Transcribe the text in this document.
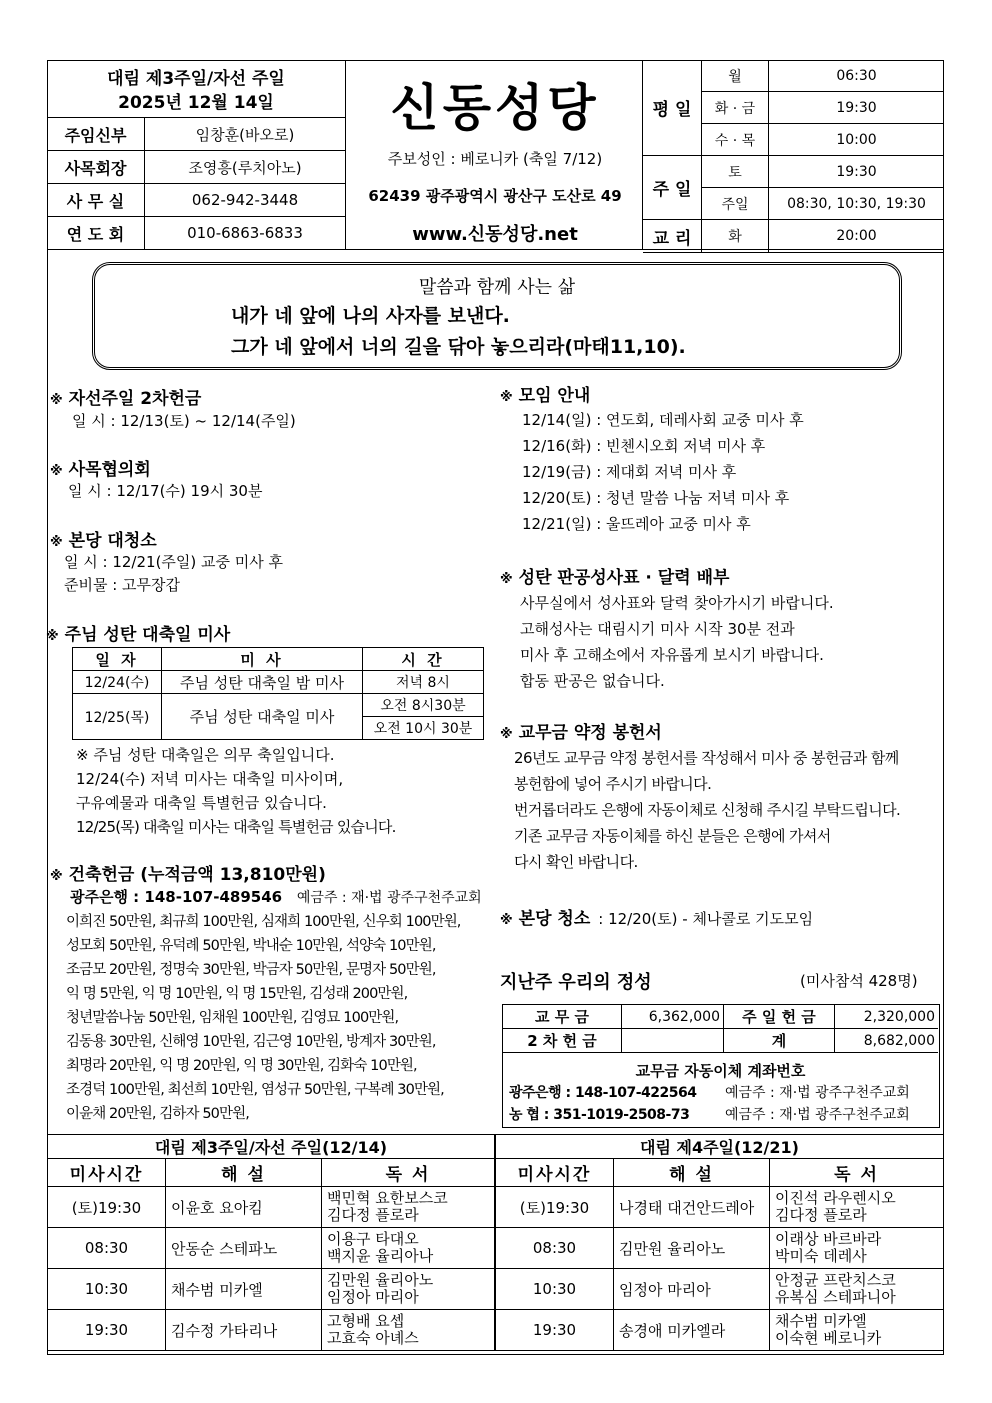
대림 제3주일/자선 주일
2025년 12월 14일
주임신부	임창훈(바오로)
사목회장	조영흥(루치아노)
사 무 실	062-942-3448
연 도 회	010-6863-6833
신동성당
주보성인 : 베로니카 (축일 7/12)
62439 광주광역시 광산구 도산로 49
www.신동성당.net
평 일	월	06:30
	화 · 금	19:30
	수 · 목	10:00
주 일	토	19:30
	주일	08:30, 10:30, 19:30
교 리	화	20:00
말씀과 함께 사는 삶
내가 네 앞에 나의 사자를 보낸다.
그가 네 앞에서 너의 길을 닦아 놓으리라(마태11,10).
※ 자선주일 2차헌금
일 시 : 12/13(토) ~ 12/14(주일)
※ 사목협의회
일 시 : 12/17(수) 19시 30분
※ 본당 대청소
일 시 : 12/21(주일) 교중 미사 후
준비물 : 고무장갑
※ 주님 성탄 대축일 미사
일 자	미 사	시 간
12/24(수)	주님 성탄 대축일 밤 미사	저녁 8시
12/25(목)	주님 성탄 대축일 미사	오전 8시30분
		오전 10시 30분
※ 주님 성탄 대축일은 의무 축일입니다.
12/24(수) 저녁 미사는 대축일 미사이며,
구유예물과 대축일 특별헌금 있습니다.
12/25(목) 대축일 미사는 대축일 특별헌금 있습니다.
※ 건축헌금 (누적금액 13,810만원)
광주은행 : 148-107-489546 예금주 : 재·법 광주구천주교회
이희진 50만원, 최규희 100만원, 심재희 100만원, 신우회 100만원,
성모회 50만원, 유덕례 50만원, 박내순 10만원, 석양숙 10만원,
조금모 20만원, 정명숙 30만원, 박금자 50만원, 문명자 50만원,
익 명 5만원, 익 명 10만원, 익 명 15만원, 김성래 200만원,
청년말씀나눔 50만원, 임채원 100만원, 김영묘 100만원,
김동용 30만원, 신해영 10만원, 김근영 10만원, 방계자 30만원,
최명라 20만원, 익 명 20만원, 익 명 30만원, 김화숙 10만원,
조경덕 100만원, 최선희 10만원, 염성규 50만원, 구복례 30만원,
이윤채 20만원, 김하자 50만원,
※ 모임 안내
12/14(일) : 연도회, 데레사회 교중 미사 후
12/16(화) : 빈첸시오회 저녁 미사 후
12/19(금) : 제대회 저녁 미사 후
12/20(토) : 청년 말씀 나눔 저녁 미사 후
12/21(일) : 울뜨레아 교중 미사 후
※ 성탄 판공성사표 · 달력 배부
사무실에서 성사표와 달력 찾아가시기 바랍니다.
고해성사는 대림시기 미사 시작 30분 전과
미사 후 고해소에서 자유롭게 보시기 바랍니다.
합동 판공은 없습니다.
※ 교무금 약정 봉헌서
26년도 교무금 약정 봉헌서를 작성해서 미사 중 봉헌금과 함께
봉헌함에 넣어 주시기 바랍니다.
번거롭더라도 은행에 자동이체로 신청해 주시길 부탁드립니다.
기존 교무금 자동이체를 하신 분들은 은행에 가셔서
다시 확인 바랍니다.
※ 본당 청소 : 12/20(토) - 체나콜로 기도모임
지난주 우리의 정성	(미사참석 428명)
교 무 금	6,362,000	주 일 헌 금	2,320,000
2 차 헌 금		계	8,682,000
교무금 자동이체 계좌번호
광주은행 : 148-107-422564 예금주 : 재·법 광주구천주교회
농 협 : 351-1019-2508-73	예금주 : 재·법 광주구천주교회
대림 제3주일/자선 주일(12/14)		
미사시간	해 설	독 서
(토)19:30	이윤호 요아킴	백민혁 요한보스코
김다정 플로라

08:30	안동순 스테파노	이용구 타대오
백지윤 율리아나

10:30	채수범 미카엘	김만원 율리아노
임정아 마리아

19:30	김수정 가타리나	고형배 요셉
고효숙 아녜스
대림 제4주일(12/21)		
미사시간	해 설	독 서
(토)19:30	나경태 대건안드레아	이진석 라우렌시오
김다정 플로라

08:30	김만원 율리아노	이래상 바르바라
박미숙 데레사

10:30	임정아 마리아	안정균 프란치스코
유복심 스테파니아

19:30	송경애 미카엘라	채수범 미카엘
이숙현 베로니카
